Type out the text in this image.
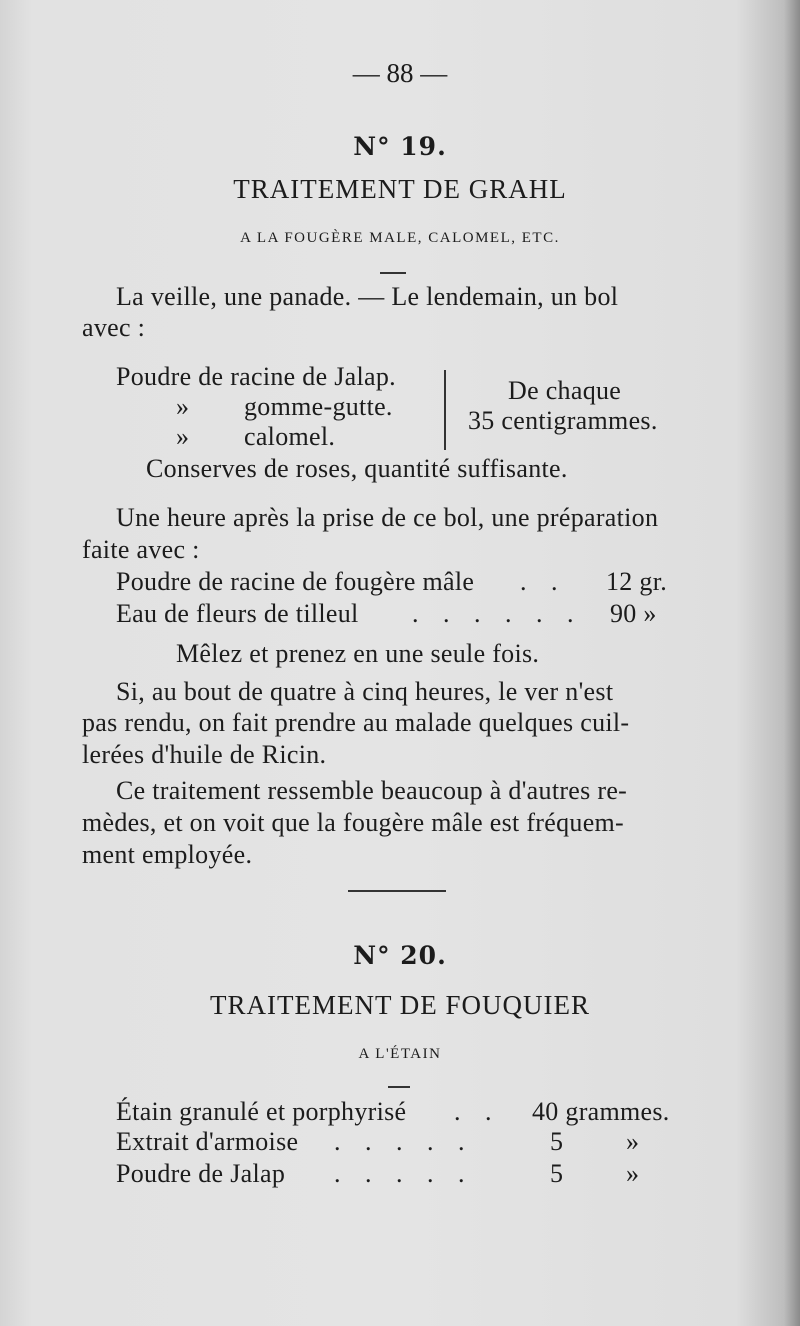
— 88 —
N° 19.
TRAITEMENT DE GRAHL
A LA FOUGÈRE MALE, CALOMEL, ETC.
La veille, une panade. — Le lendemain, un bol
avec :
Poudre de racine de Jalap.
» gomme-gutte.
» calomel.
De chaque
35 centigrammes.
Conserves de roses, quantité suffisante.
Une heure après la prise de ce bol, une préparation
faite avec :
Poudre de racine de fougère mâle . . 12 gr.
Eau de fleurs de tilleul . . . . . . 90 »
Mêlez et prenez en une seule fois.
Si, au bout de quatre à cinq heures, le ver n'est
pas rendu, on fait prendre au malade quelques cuil-
lerées d'huile de Ricin.
Ce traitement ressemble beaucoup à d'autres re-
mèdes, et on voit que la fougère mâle est fréquem-
ment employée.
N° 20.
TRAITEMENT DE FOUQUIER
A L'ÉTAIN
Étain granulé et porphyrisé . . 40 grammes.
Extrait d'armoise . . . . .	5 »
Poudre de Jalap . . . . .	5 »
